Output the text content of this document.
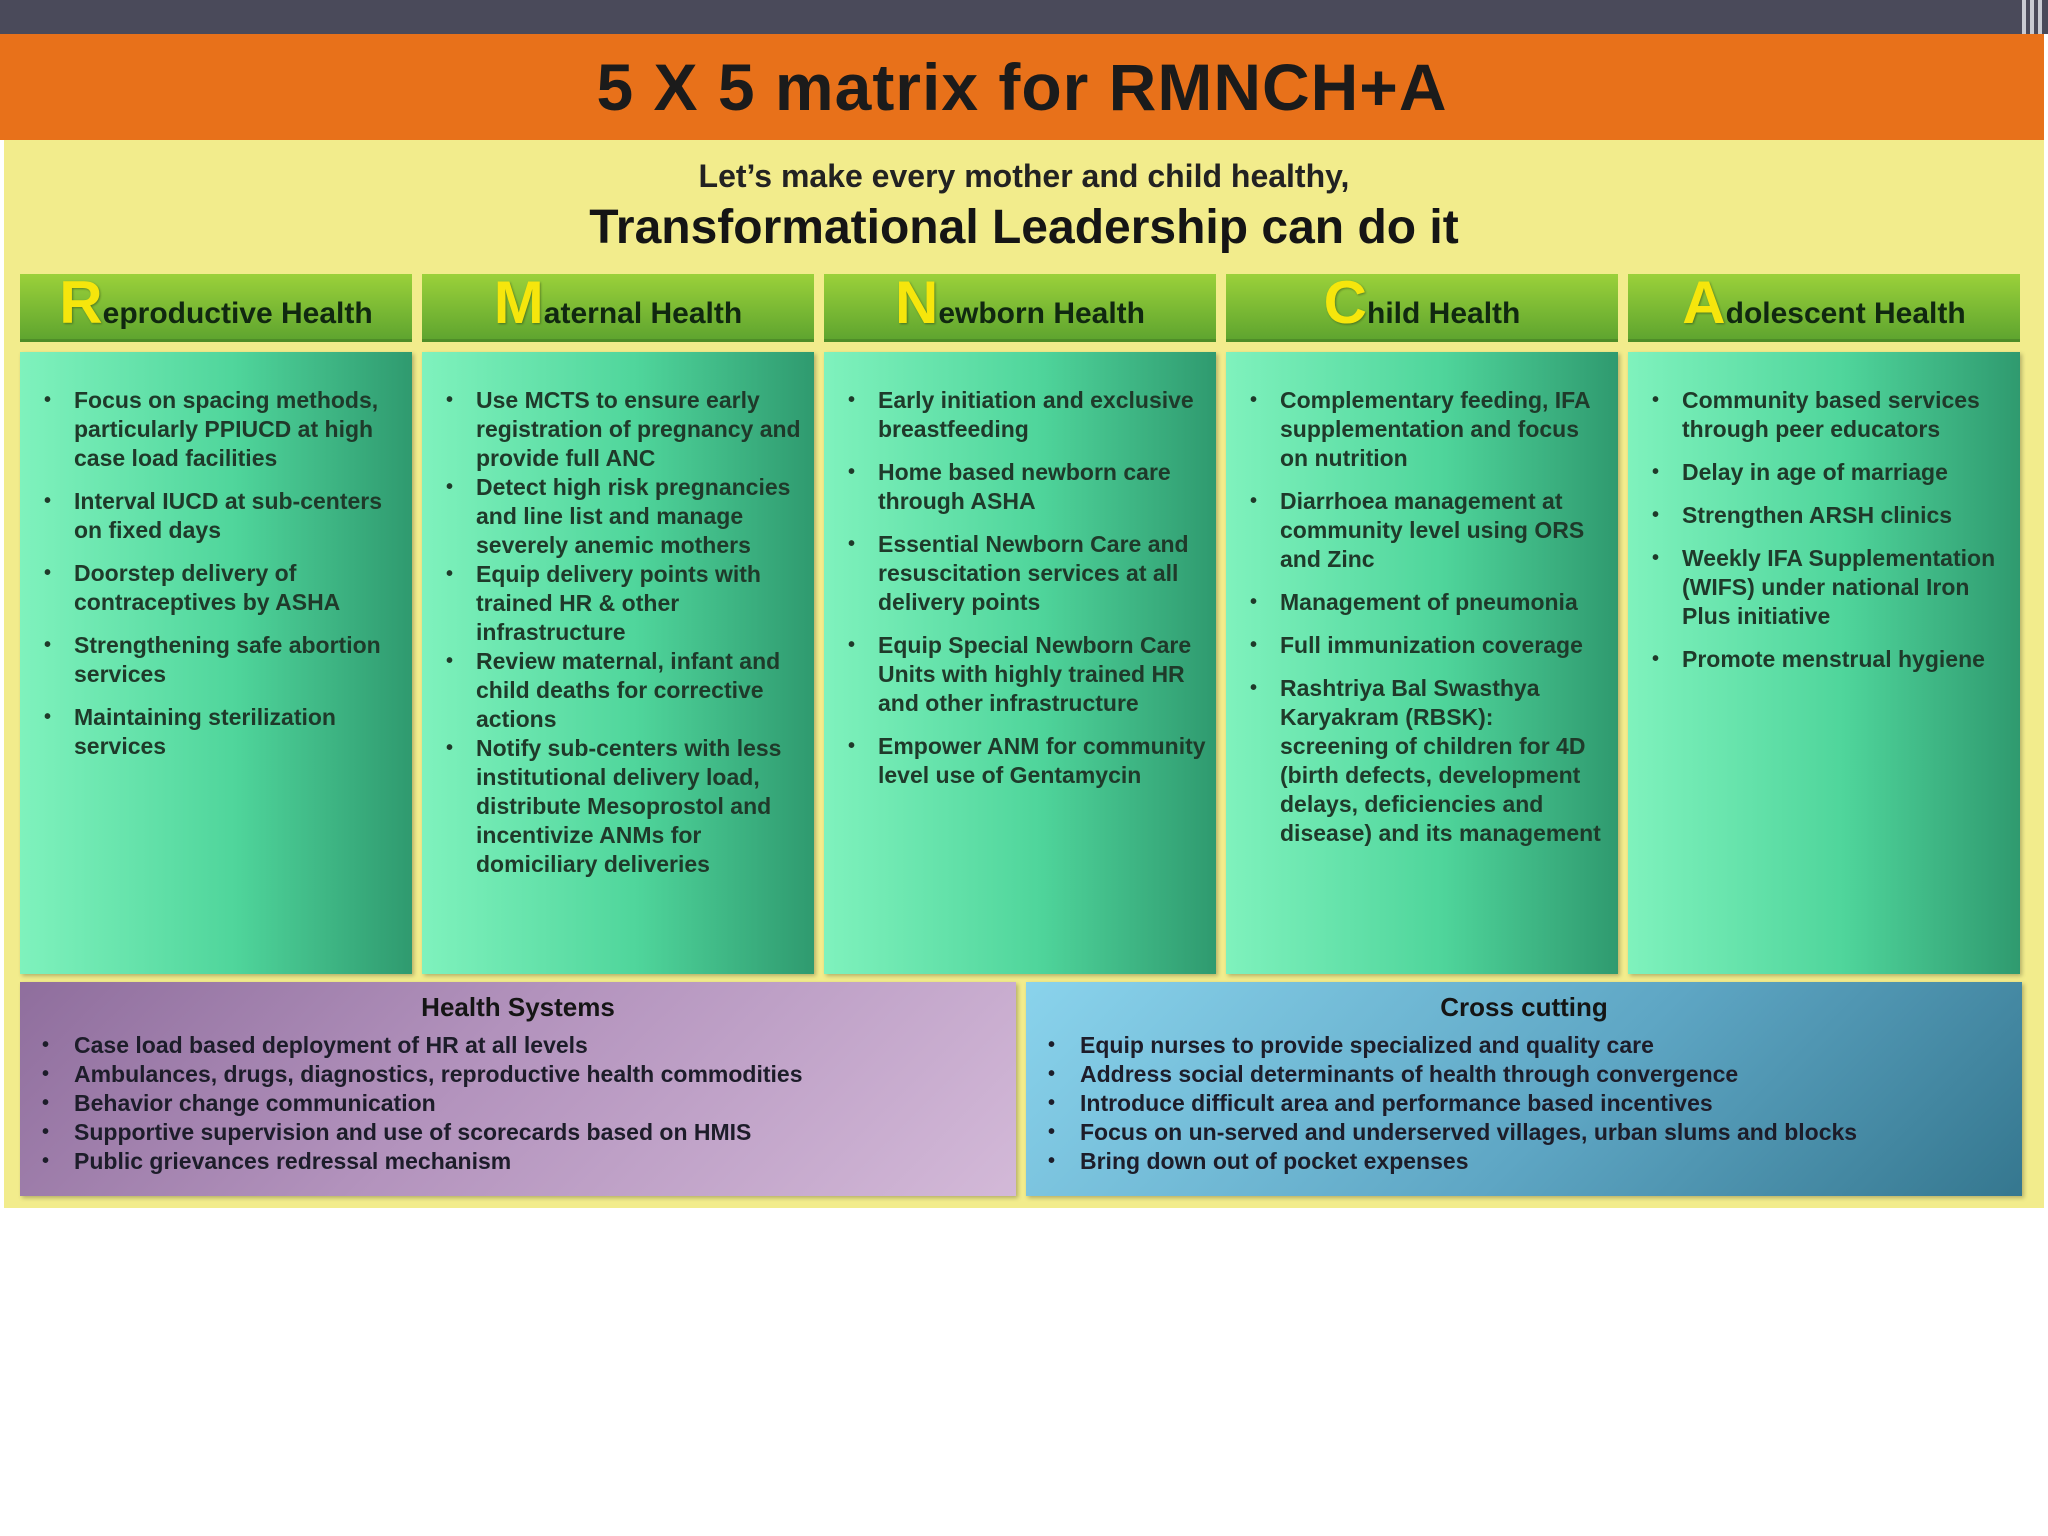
5 X 5 matrix for RMNCH+A
Let’s make every mother and child healthy,
Transformational Leadership can do it
R eproductive Health
• Focus on spacing methods, particularly PPIUCD at high case load facilities
• Interval IUCD at sub-centers on fixed days
• Doorstep delivery of contraceptives by ASHA
• Strengthening safe abortion services
• Maintaining sterilization services
M aternal Health
• Use MCTS to ensure early registration of pregnancy and provide full ANC
• Detect high risk pregnancies and line list and manage severely anemic mothers
• Equip delivery points with trained HR & other infrastructure
• Review maternal, infant and child deaths for corrective actions
• Notify sub-centers with less institutional delivery load, distribute Mesoprostol and incentivize ANMs for domiciliary deliveries
N ewborn Health
• Early initiation and exclusive breastfeeding
• Home based newborn care through ASHA
• Essential Newborn Care and resuscitation services at all delivery points
• Equip Special Newborn Care Units with highly trained HR and other infrastructure
• Empower ANM for community level use of Gentamycin
C hild Health
• Complementary feeding, IFA supplementation and focus on nutrition
• Diarrhoea management at community level using ORS and Zinc
• Management of pneumonia
• Full immunization coverage
• Rashtriya Bal Swasthya Karyakram (RBSK): screening of children for 4D (birth defects, development delays, deficiencies and disease) and its management
A dolescent Health
• Community based services through peer educators
• Delay in age of marriage
• Strengthen ARSH clinics
• Weekly IFA Supplementation (WIFS) under national Iron Plus initiative
• Promote menstrual hygiene
Health Systems
• Case load based deployment of HR at all levels
• Ambulances, drugs, diagnostics, reproductive health commodities
• Behavior change communication
• Supportive supervision and use of scorecards based on HMIS
• Public grievances redressal mechanism
Cross cutting
• Equip nurses to provide specialized and quality care
• Address social determinants of health through convergence
• Introduce difficult area and performance based incentives
• Focus on un-served and underserved villages, urban slums and blocks
• Bring down out of pocket expenses
